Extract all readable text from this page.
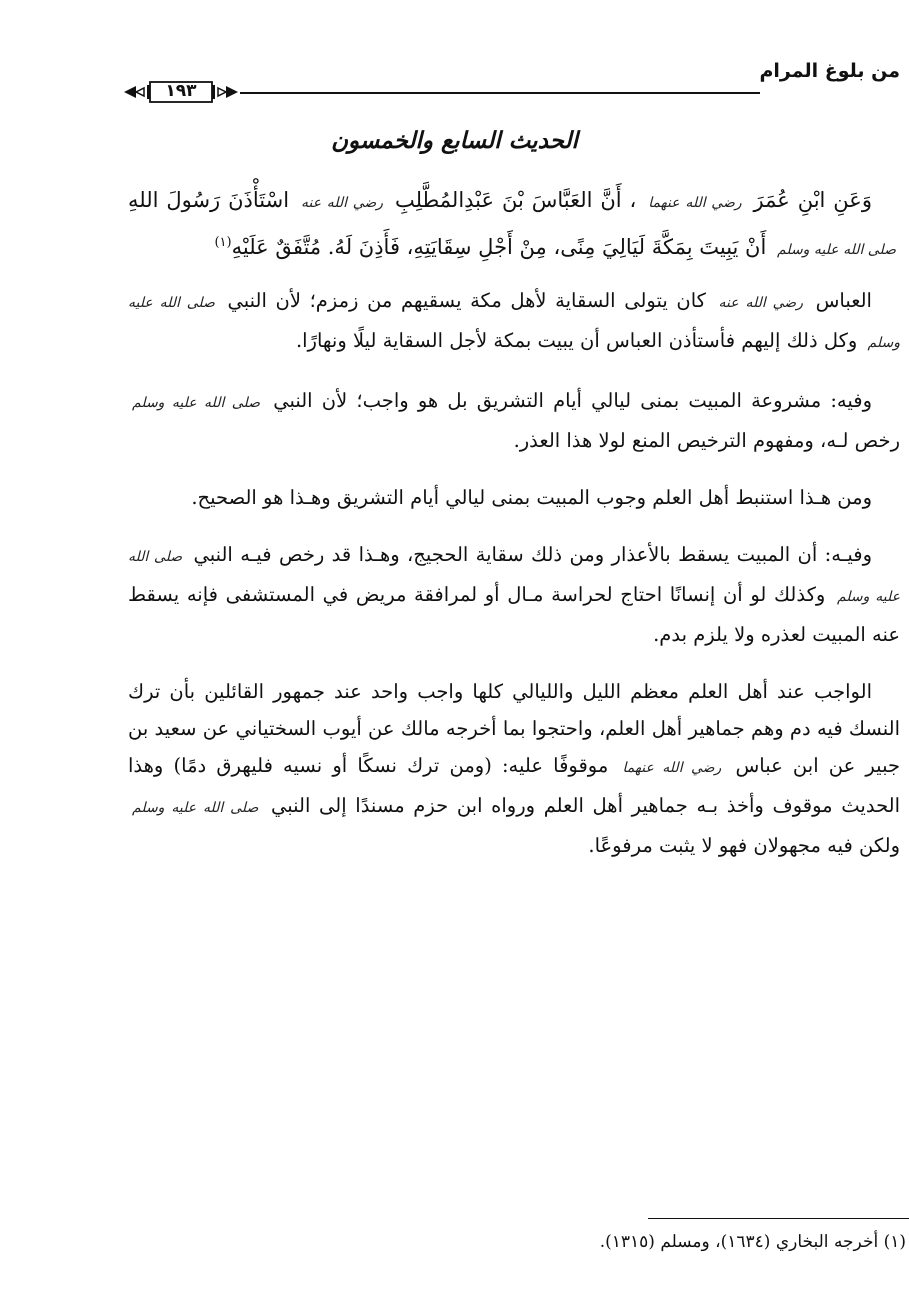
من بلوغ المرام
١٩٣
الحديث السابع والخمسون

وَعَنِ ابْنِ عُمَرَ رضي الله عنهما ، أَنَّ العَبَّاسَ بْنَ عَبْدِالمُطَّلِبِ رضي الله عنه اسْتَأْذَنَ رَسُولَ اللهِ صلى الله عليه وسلم أَنْ يَبِيتَ بِمَكَّةَ لَيَالِيَ مِنًى، مِنْ أَجْلِ سِقَايَتِهِ، فَأَذِنَ لَهُ. مُتَّفَقٌ عَلَيْهِ$^{(١)}$

العباس رضي الله عنه كان يتولى السقاية لأهل مكة يسقيهم من زمزم؛ لأن النبي صلى الله عليه وسلم وكل ذلك إليهم فأستأذن العباس أن يبيت بمكة لأجل السقاية ليلًا ونهارًا.

وفيه: مشروعة المبيت بمنى ليالي أيام التشريق بل هو واجب؛ لأن النبي صلى الله عليه وسلم رخص لـه، ومفهوم الترخيص المنع لولا هذا العذر.

ومن هـذا استنبط أهل العلم وجوب المبيت بمنى ليالي أيام التشريق وهـذا هو الصحيح.

وفيـه: أن المبيت يسقط بالأعذار ومن ذلك سقاية الحجيج، وهـذا قد رخص فيـه النبي صلى الله عليه وسلم وكذلك لو أن إنسانًا احتاج لحراسة مـال أو لمرافقة مريض في المستشفى فإنه يسقط عنه المبيت لعذره ولا يلزم بدم.

الواجب عند أهل العلم معظم الليل والليالي كلها واجب واحد عند جمهور القائلين بأن ترك النسك فيه دم وهم جماهير أهل العلم، واحتجوا بما أخرجه مالك عن أيوب السختياني عن سعيد بن جبير عن ابن عباس رضي الله عنهما موقوفًا عليه: (ومن ترك نسكًا أو نسيه فليهرق دمًا) وهذا الحديث موقوف وأخذ بـه جماهير أهل العلم ورواه ابن حزم مسندًا إلى النبي صلى الله عليه وسلم ولكن فيه مجهولان فهو لا يثبت مرفوعًا.

(١) أخرجه البخاري (١٦٣٤)، ومسلم (١٣١٥).
